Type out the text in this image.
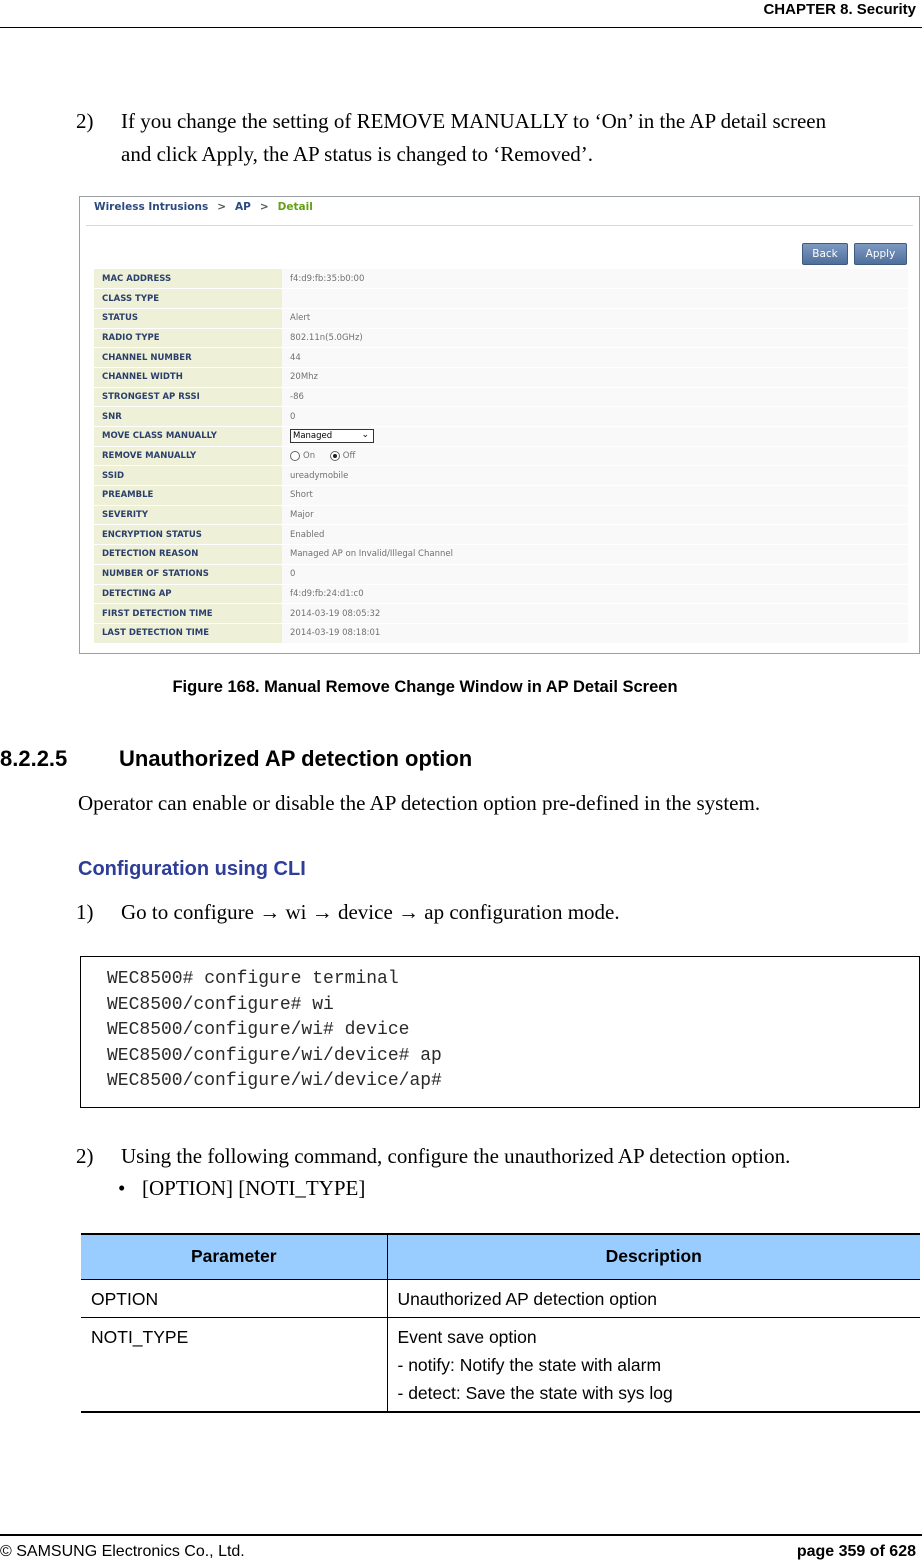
CHAPTER 8. Security
2) If you change the setting of REMOVE MANUALLY to ‘On’ in the AP detail screen
and click Apply, the AP status is changed to ‘Removed’.
Wireless Intrusions > AP > Detail
Back	Apply
MAC ADDRESS	f4:d9:fb:35:b0:00
CLASS TYPE	
STATUS	Alert
RADIO TYPE	802.11n(5.0GHz)
CHANNEL NUMBER	44
CHANNEL WIDTH	20Mhz
STRONGEST AP RSSI	-86
SNR	0
MOVE CLASS MANUALLY	Managed ⌄

REMOVE MANUALLY	On Off
SSID	ureadymobile
PREAMBLE	Short
SEVERITY	Major
ENCRYPTION STATUS	Enabled
DETECTION REASON	Managed AP on Invalid/Illegal Channel
NUMBER OF STATIONS	0
DETECTING AP	f4:d9:fb:24:d1:c0
FIRST DETECTION TIME	2014-03-19 08:05:32
LAST DETECTION TIME	2014-03-19 08:18:01
Figure 168. Manual Remove Change Window in AP Detail Screen
8.2.2.5 Unauthorized AP detection option
Operator can enable or disable the AP detection option pre-defined in the system.
Configuration using CLI
1) Go to configure → wi → device → ap configuration mode.
WEC8500# configure terminal
WEC8500/configure# wi
WEC8500/configure/wi# device
WEC8500/configure/wi/device# ap
WEC8500/configure/wi/device/ap#
2) Using the following command, configure the unauthorized AP detection option.
• [OPTION] [NOTI_TYPE]
Parameter	Description
OPTION	Unauthorized AP detection option

NOTI_TYPE	Event save option
- notify: Notify the state with alarm
- detect: Save the state with sys log
© SAMSUNG Electronics Co., Ltd.	page 359 of 628
